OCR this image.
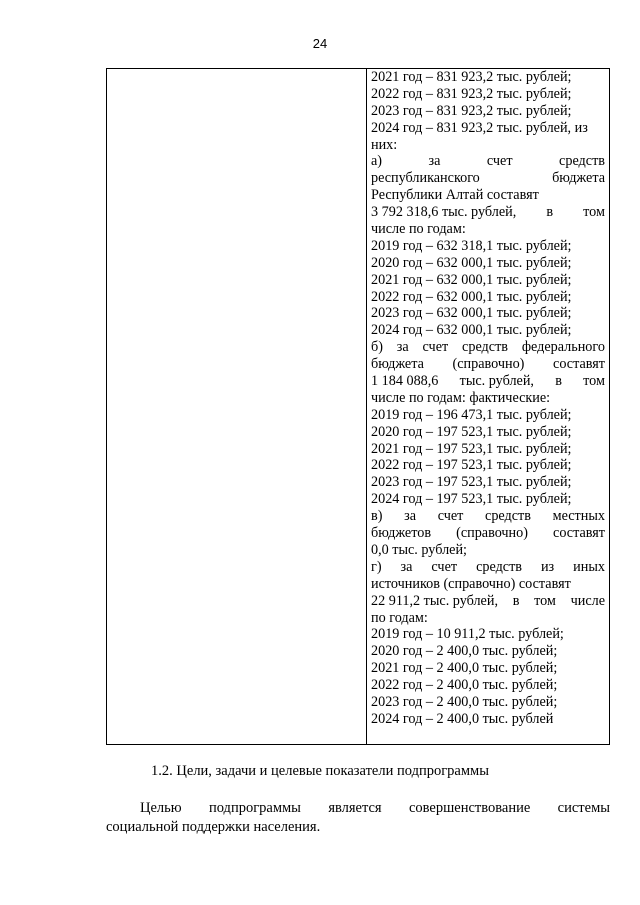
24
2021 год – 831 923,2 тыс. рублей;
2022 год – 831 923,2 тыс. рублей;
2023 год – 831 923,2 тыс. рублей;
2024 год – 831 923,2 тыс. рублей, из
них:
а)	за	счет	средств
республиканского	бюджета
Республики Алтай составят
3 792 318,6 тыс. рублей, в том
числе по годам:
2019 год – 632 318,1 тыс. рублей;
2020 год – 632 000,1 тыс. рублей;
2021 год – 632 000,1 тыс. рублей;
2022 год – 632 000,1 тыс. рублей;
2023 год – 632 000,1 тыс. рублей;
2024 год – 632 000,1 тыс. рублей;
б) за счет средств федерального
бюджета (справочно) составят
1 184 088,6 тыс. рублей, в том
числе по годам: фактические:
2019 год – 196 473,1 тыс. рублей;
2020 год – 197 523,1 тыс. рублей;
2021 год – 197 523,1 тыс. рублей;
2022 год – 197 523,1 тыс. рублей;
2023 год – 197 523,1 тыс. рублей;
2024 год – 197 523,1 тыс. рублей;
в) за счет средств местных
бюджетов (справочно) составят
0,0 тыс. рублей;
г) за счет средств из иных
источников (справочно) составят
22 911,2 тыс. рублей, в том числе
по годам:
2019 год – 10 911,2 тыс. рублей;
2020 год – 2 400,0 тыс. рублей;
2021 год – 2 400,0 тыс. рублей;
2022 год – 2 400,0 тыс. рублей;
2023 год – 2 400,0 тыс. рублей;
2024 год – 2 400,0 тыс. рублей
1.2. Цели, задачи и целевые показатели подпрограммы
Целью подпрограммы является совершенствование системы
социальной поддержки населения.
